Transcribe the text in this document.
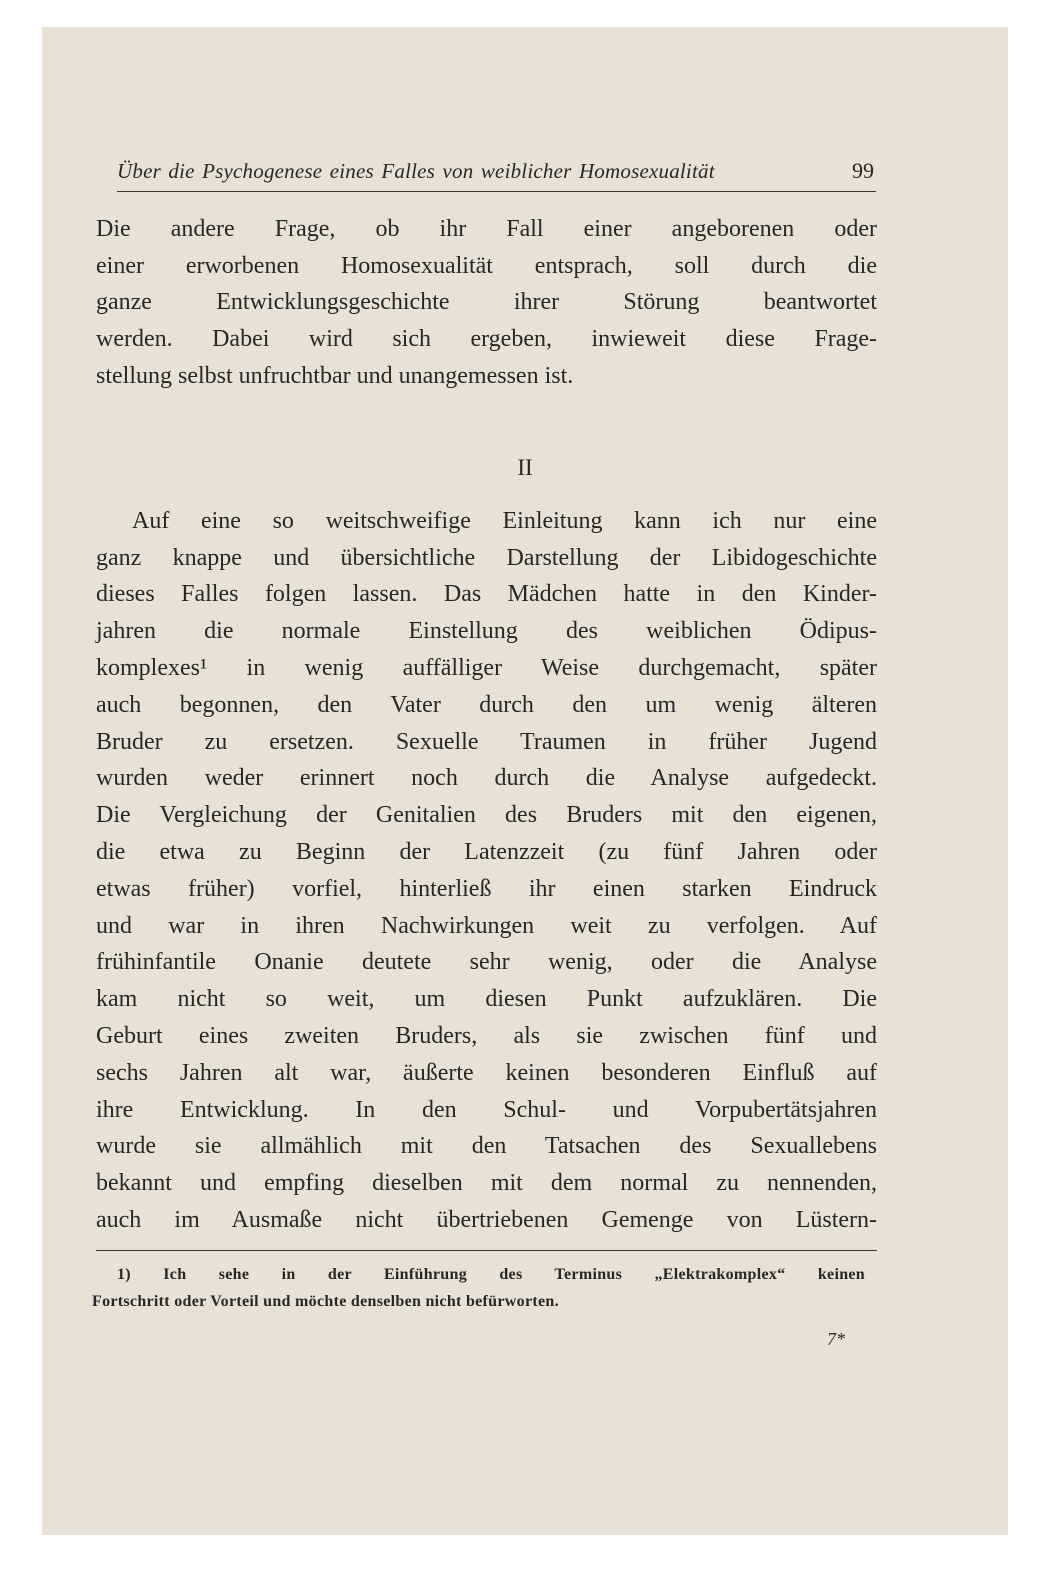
Über die Psychogenese eines Falles von weiblicher Homosexualität	99
Die andere Frage, ob ihr Fall einer angeborenen oder
einer erworbenen Homosexualität entsprach, soll durch die
ganze Entwicklungsgeschichte ihrer Störung beantwortet
werden. Dabei wird sich ergeben, inwieweit diese Frage-
stellung selbst unfruchtbar und unangemessen ist.
II
Auf eine so weitschweifige Einleitung kann ich nur eine
ganz knappe und übersichtliche Darstellung der Libidogeschichte
dieses Falles folgen lassen. Das Mädchen hatte in den Kinder-
jahren die normale Einstellung des weiblichen Ödipus-
komplexes¹ in wenig auffälliger Weise durchgemacht, später
auch begonnen, den Vater durch den um wenig älteren
Bruder zu ersetzen. Sexuelle Traumen in früher Jugend
wurden weder erinnert noch durch die Analyse aufgedeckt.
Die Vergleichung der Genitalien des Bruders mit den eigenen,
die etwa zu Beginn der Latenzzeit (zu fünf Jahren oder
etwas früher) vorfiel, hinterließ ihr einen starken Eindruck
und war in ihren Nachwirkungen weit zu verfolgen. Auf
frühinfantile Onanie deutete sehr wenig, oder die Analyse
kam nicht so weit, um diesen Punkt aufzuklären. Die
Geburt eines zweiten Bruders, als sie zwischen fünf und
sechs Jahren alt war, äußerte keinen besonderen Einfluß auf
ihre Entwicklung. In den Schul- und Vorpubertätsjahren
wurde sie allmählich mit den Tatsachen des Sexuallebens
bekannt und empfing dieselben mit dem normal zu nennenden,
auch im Ausmaße nicht übertriebenen Gemenge von Lüstern-
1) Ich sehe in der Einführung des Terminus „Elektrakomplex“ keinen
Fortschritt oder Vorteil und möchte denselben nicht befürworten.
7*
